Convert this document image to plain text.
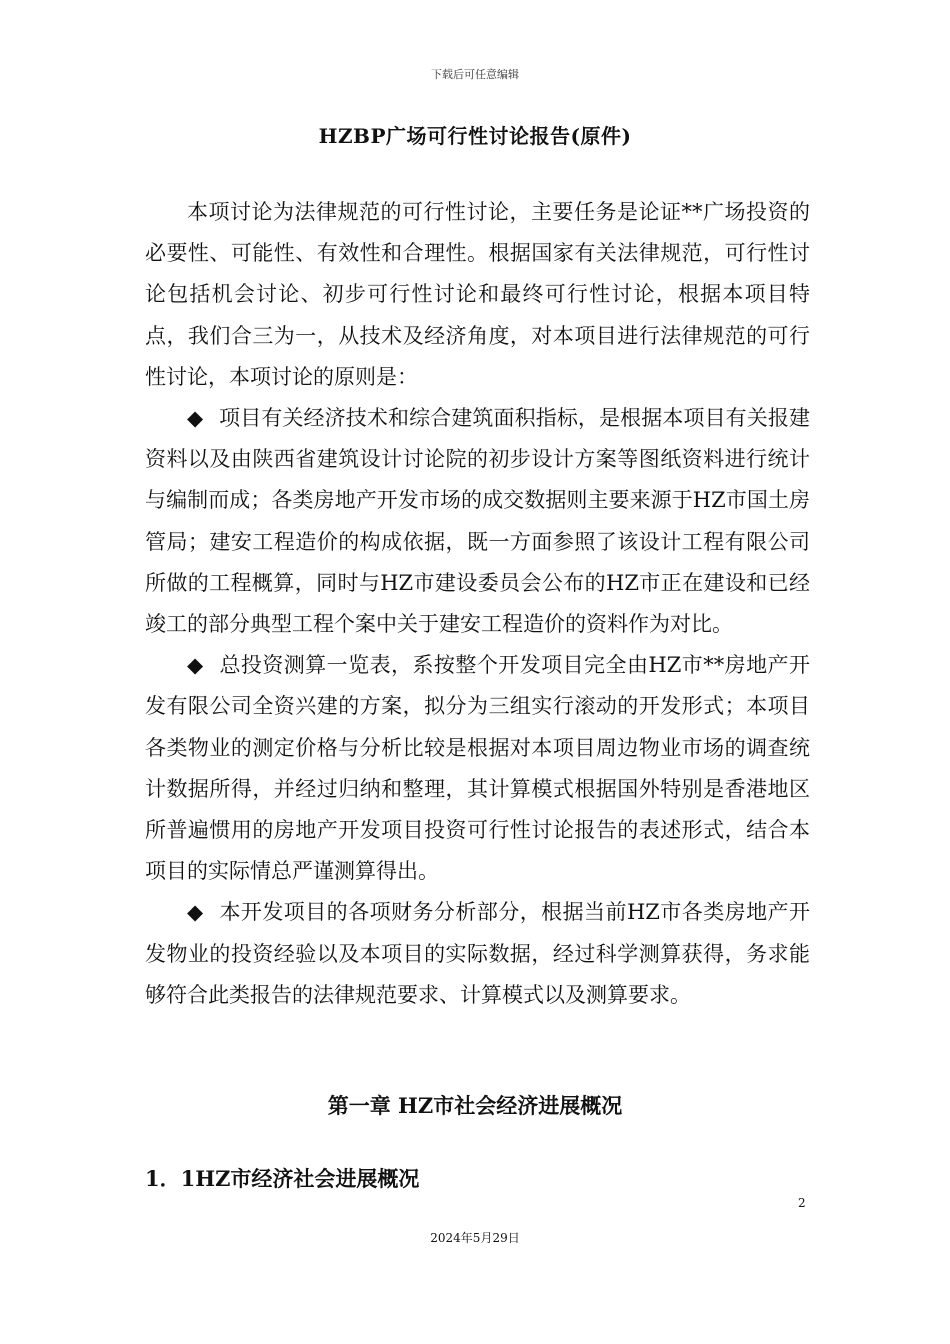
下载后可任意编辑
HZBP广场可行性讨论报告(原件)

本项讨论为法律规范的可行性讨论，主要任务是论证**广场投资的必要性、可能性、有效性和合理性。根据国家有关法律规范，可行性讨论包括机会讨论、初步可行性讨论和最终可行性讨论，根据本项目特点，我们合三为一，从技术及经济角度，对本项目进行法律规范的可行性讨论，本项讨论的原则是：

◆ 项目有关经济技术和综合建筑面积指标，是根据本项目有关报建资料以及由陕西省建筑设计讨论院的初步设计方案等图纸资料进行统计与编制而成；各类房地产开发市场的成交数据则主要来源于HZ市国土房管局；建安工程造价的构成依据，既一方面参照了该设计工程有限公司所做的工程概算，同时与HZ市建设委员会公布的HZ市正在建设和已经竣工的部分典型工程个案中关于建安工程造价的资料作为对比。

◆ 总投资测算一览表，系按整个开发项目完全由HZ市**房地产开发有限公司全资兴建的方案，拟分为三组实行滚动的开发形式；本项目各类物业的测定价格与分析比较是根据对本项目周边物业市场的调查统计数据所得，并经过归纳和整理，其计算模式根据国外特别是香港地区所普遍惯用的房地产开发项目投资可行性讨论报告的表述形式，结合本项目的实际情总严谨测算得出。

◆ 本开发项目的各项财务分析部分，根据当前HZ市各类房地产开发物业的投资经验以及本项目的实际数据，经过科学测算获得，务求能够符合此类报告的法律规范要求、计算模式以及测算要求。

第一章 HZ市社会经济进展概况
1．1HZ市经济社会进展概况
2
2024年5月29日
